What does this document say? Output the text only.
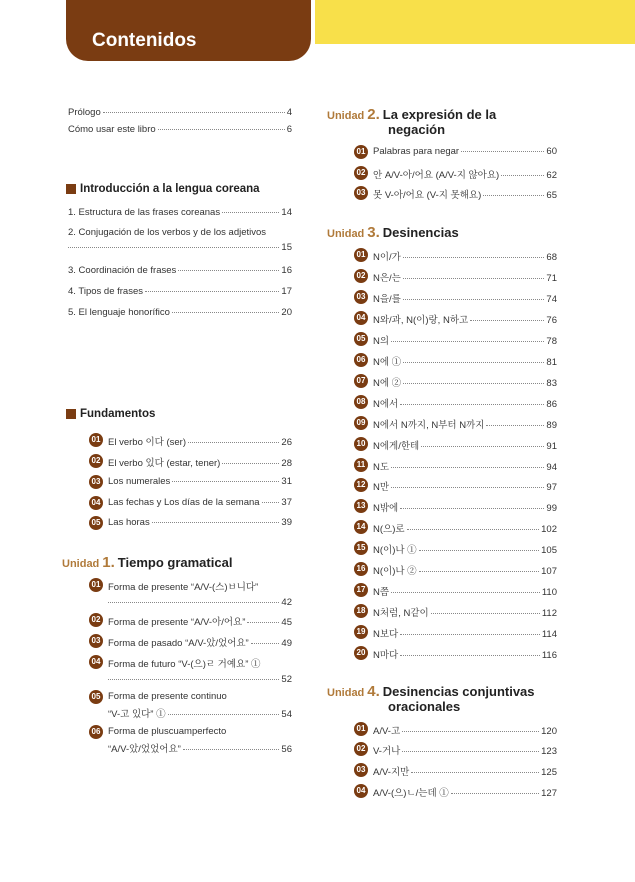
Contenidos
Prólogo	4
Cómo usar este libro	6
Introducción a la lengua coreana
1. Estructura de las frases coreanas	14
2. Conjugación de los verbos y de los adjetivos
15
3. Coordinación de frases	16
4. Tipos de frases	17
5. El lenguaje honorífico	20
Fundamentos
01 El verbo 이다 (ser)	26
02 El verbo 있다 (estar, tener)	28
03 Los numerales	31
04 Las fechas y Los días de la semana 37
05 Las horas	39
Unidad 1. Tiempo gramatical
01 Forma de presente “A/V-(스)ㅂ니다”
42
02 Forma de presente “A/V-아/어요”	45
03 Forma de pasado “A/V-았/었어요”	49
04 Forma de futuro “V-(으)ㄹ 거예요” ①
52
05 Forma de presente continuo
“V-고 있다” ①	54
06 Forma de pluscuamperfecto
“A/V-았/었었어요”	56
Unidad 2. La expresión de la
negación
01 Palabras para negar	60
02 안 A/V-아/어요 (A/V-지 않아요)	62
03 못 V-아/어요 (V-지 못해요)	65
Unidad 3. Desinencias
01 N이/가	68
02 N은/는	71
03 N을/를	74
04 N와/과, N(이)랑, N하고	76
05 N의	78
06 N에 ①	81
07 N에 ②	83
08 N에서	86
09 N에서 N까지, N부터 N까지	89
10 N에게/한테	91
11 N도	94
12 N만	97
13 N밖에	99
14 N(으)로	102
15 N(이)나 ①	105
16 N(이)나 ②	107
17 N쯤	110
18 N처럼, N같이	112
19 N보다	114
20 N마다	116
Unidad 4. Desinencias conjuntivas
oracionales
01 A/V-고	120
02 V-거나	123
03 A/V-지만	125
04 A/V-(으)ㄴ/는데 ①	127
